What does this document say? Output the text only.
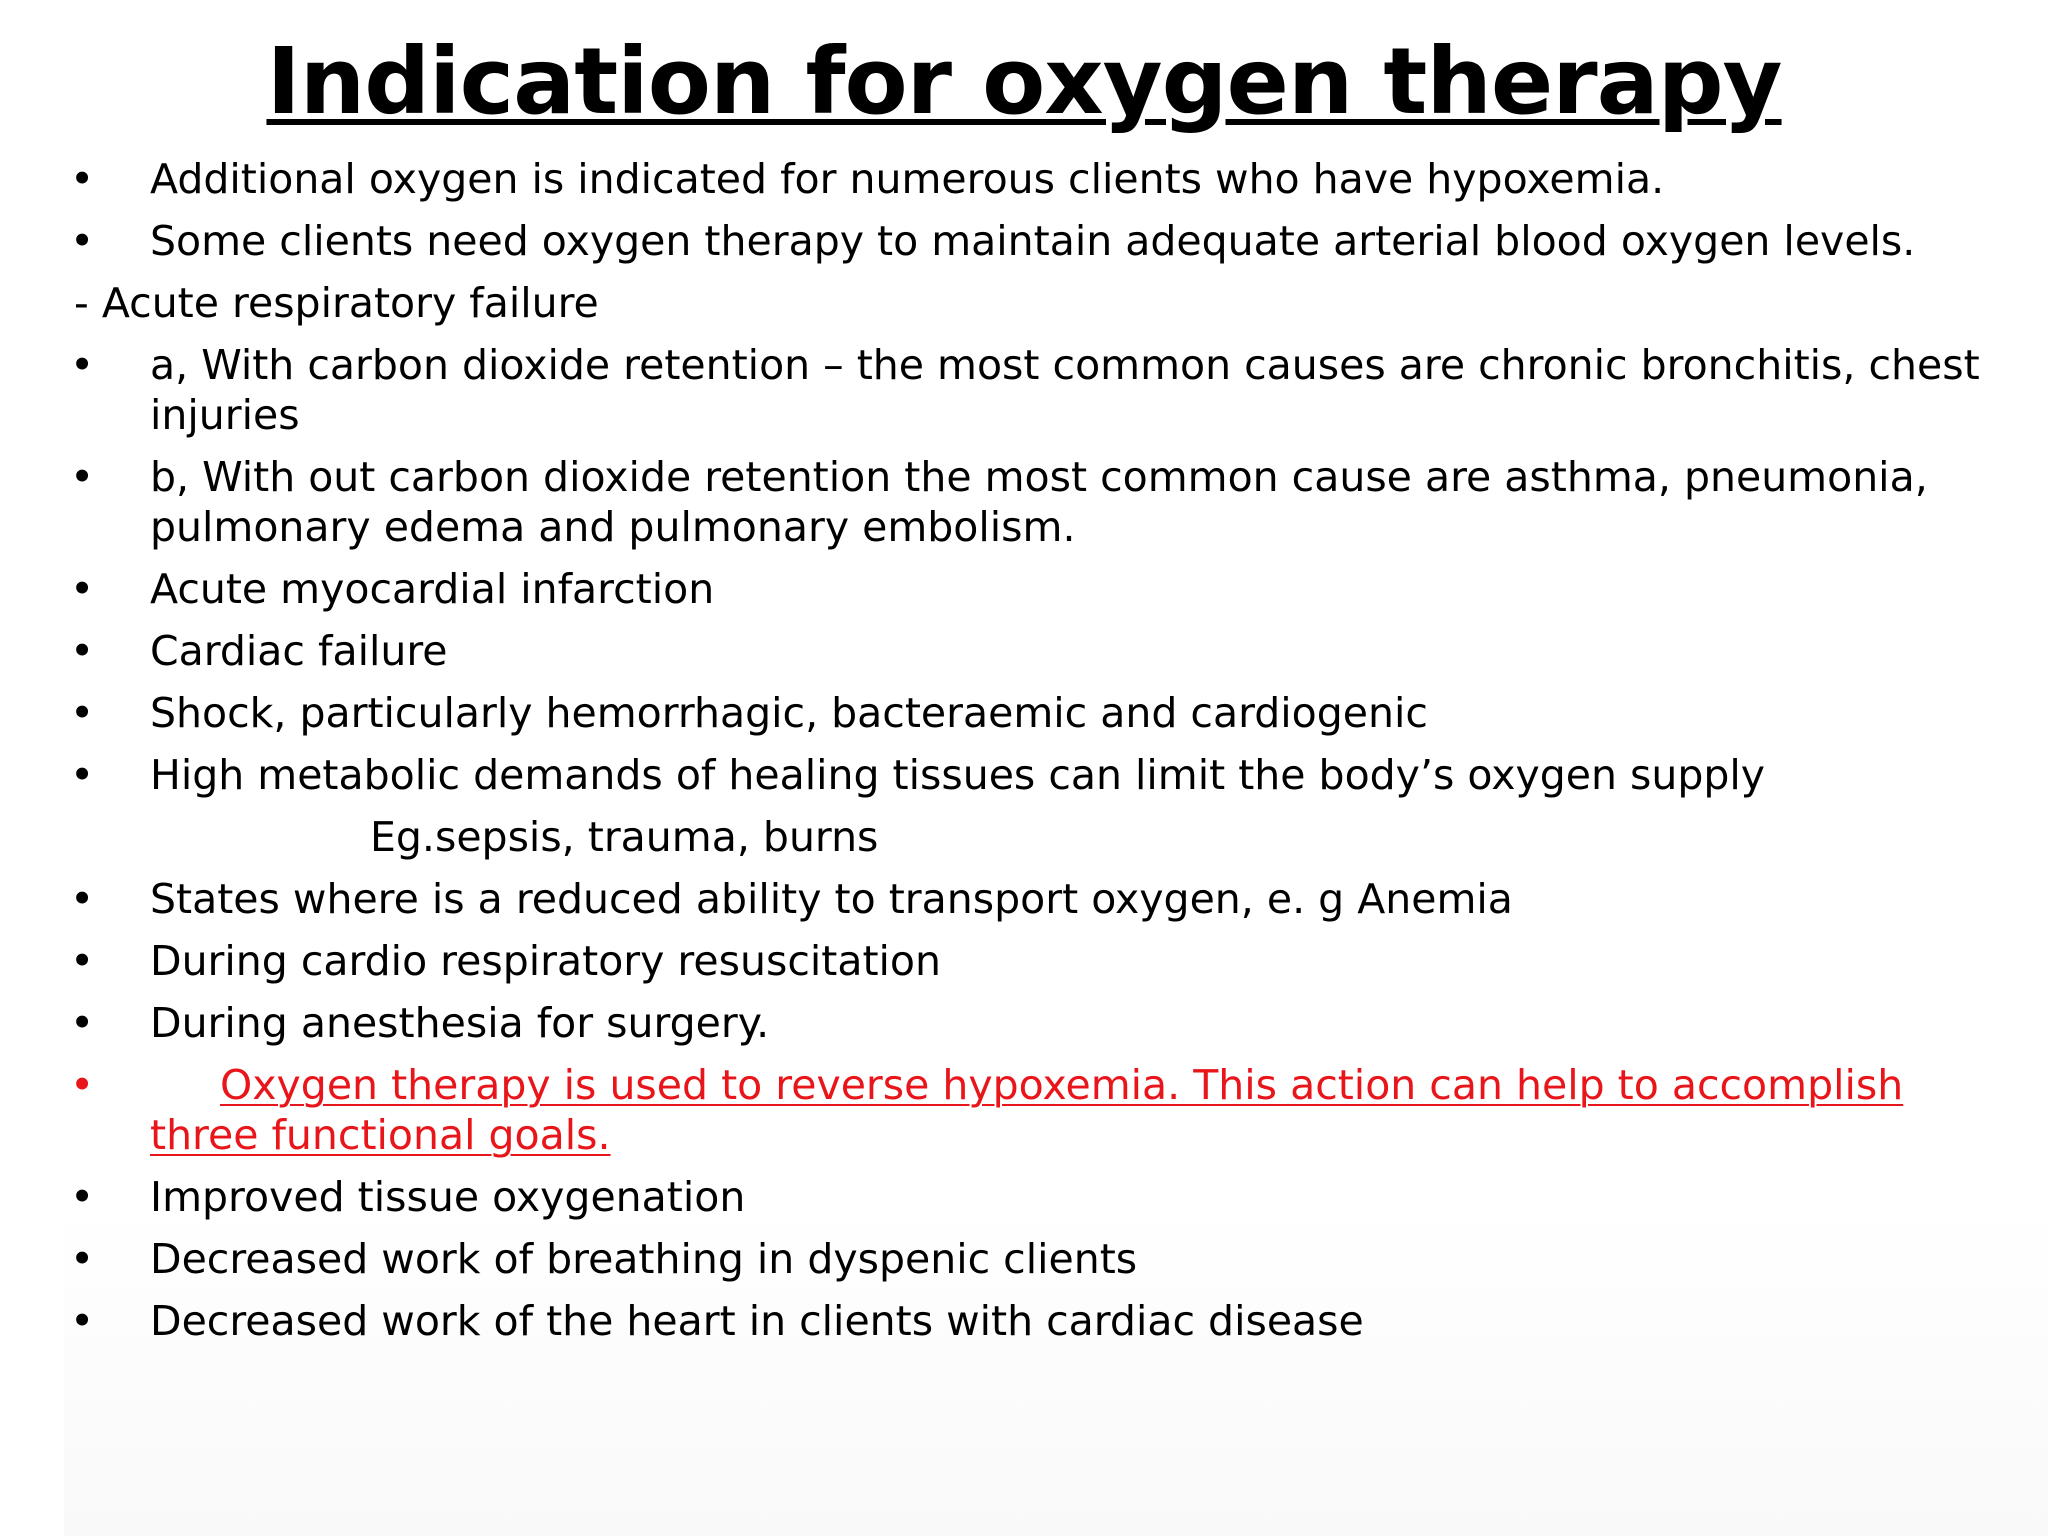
Indication for oxygen therapy
• Additional oxygen is indicated for numerous clients who have hypoxemia.
• Some clients need oxygen therapy to maintain adequate arterial blood oxygen levels.
- Acute respiratory failure
• a, With carbon dioxide retention – the most common causes are chronic bronchitis, chest injuries
• b, With out carbon dioxide retention the most common cause are asthma, pneumonia, pulmonary edema and pulmonary embolism.
• Acute myocardial infarction
• Cardiac failure
• Shock, particularly hemorrhagic, bacteraemic and cardiogenic
• High metabolic demands of healing tissues can limit the body’s oxygen supply
Eg.sepsis, trauma, burns
• States where is a reduced ability to transport oxygen, e. g Anemia
• During cardio respiratory resuscitation
• During anesthesia for surgery.
•	Oxygen therapy is used to reverse hypoxemia. This action can help to accomplish three functional goals.
• Improved tissue oxygenation
• Decreased work of breathing in dyspenic clients
• Decreased work of the heart in clients with cardiac disease
